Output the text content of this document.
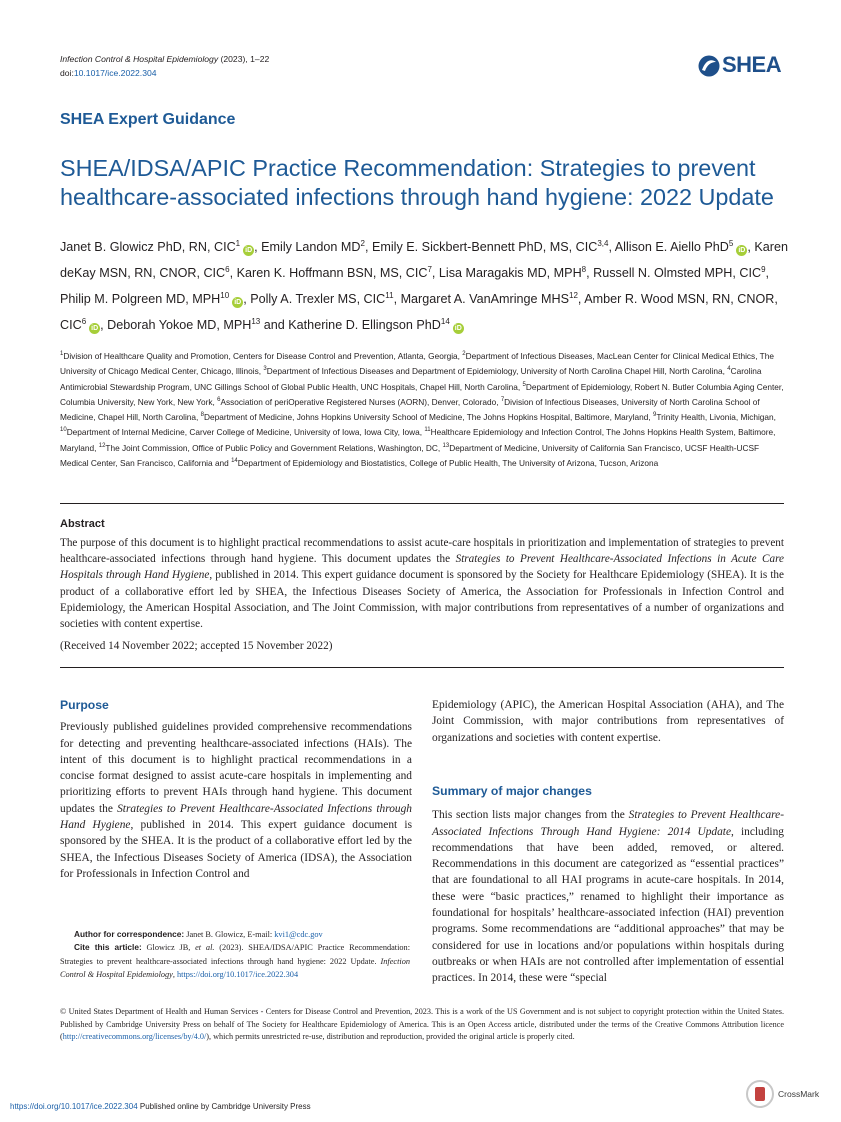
Infection Control & Hospital Epidemiology (2023), 1–22
doi:10.1017/ice.2022.304	SHEA
SHEA Expert Guidance
SHEA/IDSA/APIC Practice Recommendation: Strategies to prevent healthcare-associated infections through hand hygiene: 2022 Update
Janet B. Glowicz PhD, RN, CIC$^1$iD , Emily Landon $MD^2$, Emily E. Sickbert-Bennett PhD, MS, CIC$^{3,4}$, Allison E. Aiello PhD$^5$iD , Karen deKay MSN, RN, CNOR, CIC$^6$, Karen K. Hoffmann BSN, MS, CIC$^7$, Lisa Maragakis MD, MPH$^8$, Russell N. Olmsted MPH, CIC$^9$, Philip M. Polgreen MD, MPH$^{10}$iD , Polly A. Trexler MS, CIC$^{11}$, Margaret A. VanAmringe MHS$^{12}$, Amber R. Wood MSN, RN, CNOR, CIC$^6$iD , Deborah Yokoe MD, MPH$^{13}$ and Katherine D. Ellingson PhD$^{14}$iD
$^1$Division of Healthcare Quality and Promotion, Centers for Disease Control and Prevention, Atlanta, Georgia, $^2$Department of Infectious Diseases, MacLean Center for Clinical Medical Ethics, The University of Chicago Medical Center, Chicago, Illinois, $^3$Department of Infectious Diseases and Department of Epidemiology, University of North Carolina Chapel Hill, North Carolina, $^4$Carolina Antimicrobial Stewardship Program, UNC Gillings School of Global Public Health, UNC Hospitals, Chapel Hill, North Carolina, $^5$Department of Epidemiology, Robert N. Butler Columbia Aging Center, Columbia University, New York, New York, $^6$Association of periOperative Registered Nurses (AORN), Denver, Colorado, $^7$Division of Infectious Diseases, University of North Carolina School of Medicine, Chapel Hill, North Carolina, $^8$Department of Medicine, Johns Hopkins University School of Medicine, The Johns Hopkins Hospital, Baltimore, Maryland, $^9$Trinity Health, Livonia, Michigan, $^{10}$Department of Internal Medicine, Carver College of Medicine, University of Iowa, Iowa City, Iowa, $^{11}$Healthcare Epidemiology and Infection Control, The Johns Hopkins Health System, Baltimore, Maryland, $^{12}$The Joint Commission, Office of Public Policy and Government Relations, Washington, DC, $^{13}$Department of Medicine, University of California San Francisco, UCSF Health-UCSF Medical Center, San Francisco, California and $^{14}$Department of Epidemiology and Biostatistics, College of Public Health, The University of Arizona, Tucson, Arizona
Abstract
The purpose of this document is to highlight practical recommendations to assist acute-care hospitals in prioritization and implementation of strategies to prevent healthcare-associated infections through hand hygiene. This document updates the Strategies to Prevent Healthcare-Associated Infections in Acute Care Hospitals through Hand Hygiene, published in 2014. This expert guidance document is sponsored by the Society for Healthcare Epidemiology (SHEA). It is the product of a collaborative effort led by SHEA, the Infectious Diseases Society of America, the Association for Professionals in Infection Control and Epidemiology, the American Hospital Association, and The Joint Commission, with major contributions from representatives of a number of organizations and societies with content expertise.
(Received 14 November 2022; accepted 15 November 2022)
Purpose
Previously published guidelines provided comprehensive recommendations for detecting and preventing healthcare-associated infections (HAIs). The intent of this document is to highlight practical recommendations in a concise format designed to assist acute-care hospitals in implementing and prioritizing efforts to prevent HAIs through hand hygiene. This document updates the Strategies to Prevent Healthcare-Associated Infections through Hand Hygiene, published in 2014. This expert guidance document is sponsored by the SHEA. It is the product of a collaborative effort led by the SHEA, the Infectious Diseases Society of America (IDSA), the Association for Professionals in Infection Control and
Epidemiology (APIC), the American Hospital Association (AHA), and The Joint Commission, with major contributions from representatives of organizations and societies with content expertise.
Summary of major changes
This section lists major changes from the Strategies to Prevent Healthcare-Associated Infections Through Hand Hygiene: 2014 Update, including recommendations that have been added, removed, or altered. Recommendations in this document are categorized as “essential practices” that are foundational to all HAI programs in acute-care hospitals. In 2014, these were “basic practices,” renamed to highlight their importance as foundational for hospitals’ healthcare-associated infection (HAI) prevention programs. Some recommendations are “additional approaches” that may be considered for use in locations and/or populations within hospitals during outbreaks or when HAIs are not controlled after implementation of essential practices. In 2014, these were “special
Author for correspondence: Janet B. Glowicz, E-mail: kvi1@cdc.gov
Cite this article: Glowicz JB, et al. (2023). SHEA/IDSA/APIC Practice Recommendation: Strategies to prevent healthcare-associated infections through hand hygiene: 2022 Update. Infection Control & Hospital Epidemiology, https://doi.org/10.1017/ice.2022.304
© United States Department of Health and Human Services - Centers for Disease Control and Prevention, 2023. This is a work of the US Government and is not subject to copyright protection within the United States. Published by Cambridge University Press on behalf of The Society for Healthcare Epidemiology of America. This is an Open Access article, distributed under the terms of the Creative Commons Attribution licence (http://creativecommons.org/licenses/by/4.0/), which permits unrestricted re-use, distribution and reproduction, provided the original article is properly cited.
https://doi.org/10.1017/ice.2022.304 Published online by Cambridge University Press
CrossMark
